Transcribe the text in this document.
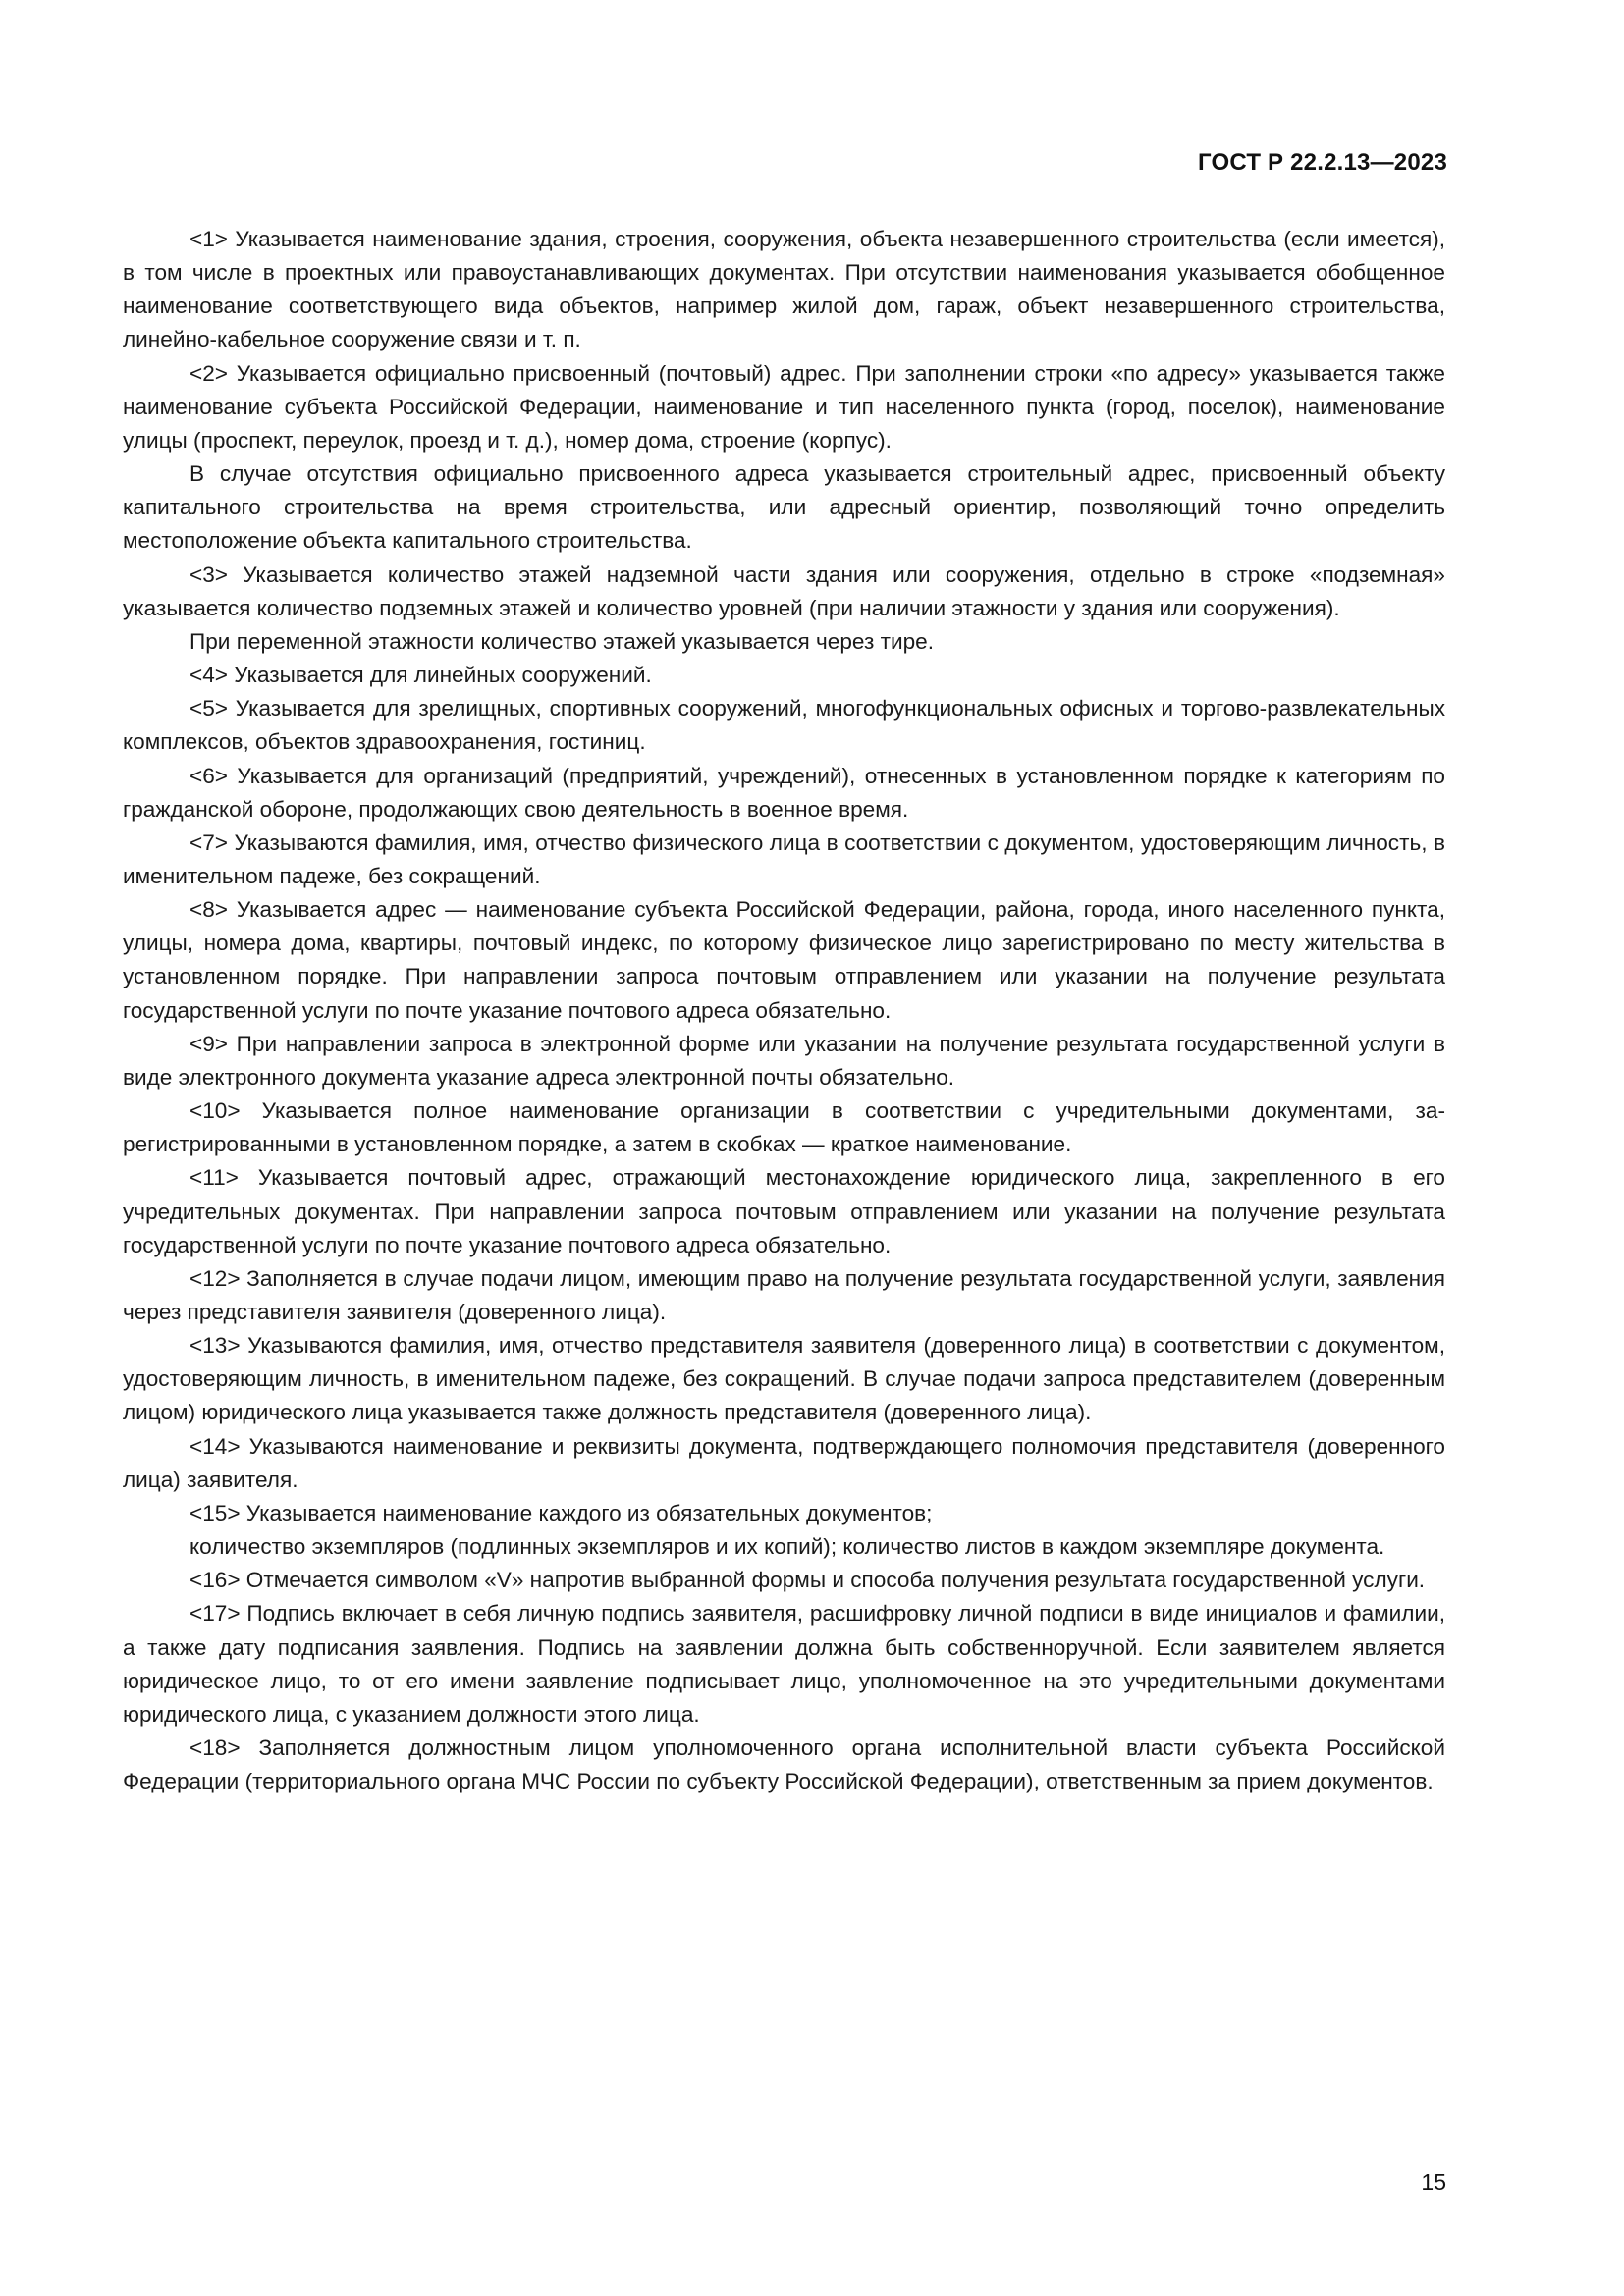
ГОСТ Р 22.2.13—2023

<1> Указывается наименование здания, строения, сооружения, объекта незавершенного строительства (если имеется), в том числе в проектных или правоустанавливающих документах. При отсутствии наименования указывается обобщенное наименование соответствующего вида объектов, например жилой дом, гараж, объект незавершенного строительства, линейно-кабельное сооружение связи и т. п.

<2> Указывается официально присвоенный (почтовый) адрес. При заполнении строки «по адресу» указывается также наименование субъекта Российской Федерации, наименование и тип населенного пункта (город, поселок), наименование улицы (проспект, переулок, проезд и т. д.), номер дома, строение (корпус).

В случае отсутствия официально присвоенного адреса указывается строительный адрес, присвоенный объекту капитального строительства на время строительства, или адресный ориентир, позволяющий точно определить местоположение объекта капитального строительства.

<3> Указывается количество этажей надземной части здания или сооружения, отдельно в строке «подземная» указывается количество подземных этажей и количество уровней (при наличии этажности у здания или сооружения).

При переменной этажности количество этажей указывается через тире.

<4> Указывается для линейных сооружений.

<5> Указывается для зрелищных, спортивных сооружений, многофункциональных офисных и торгово-развлекательных комплексов, объектов здравоохранения, гостиниц.

<6> Указывается для организаций (предприятий, учреждений), отнесенных в установленном порядке к категориям по гражданской обороне, продолжающих свою деятельность в военное время.

<7> Указываются фамилия, имя, отчество физического лица в соответствии с документом, удостоверяющим личность, в именительном падеже, без сокращений.

<8> Указывается адрес — наименование субъекта Российской Федерации, района, города, иного населенного пункта, улицы, номера дома, квартиры, почтовый индекс, по которому физическое лицо зарегистрировано по месту жительства в установленном порядке. При направлении запроса почтовым отправлением или указании на получение результата государственной услуги по почте указание почтового адреса обязательно.

<9> При направлении запроса в электронной форме или указании на получение результата государственной услуги в виде электронного документа указание адреса электронной почты обязательно.

<10> Указывается полное наименование организации в соответствии с учредительными документами, зарегистрированными в установленном порядке, а затем в скобках — краткое наименование.

<11> Указывается почтовый адрес, отражающий местонахождение юридического лица, закрепленного в его учредительных документах. При направлении запроса почтовым отправлением или указании на получение результата государственной услуги по почте указание почтового адреса обязательно.

<12> Заполняется в случае подачи лицом, имеющим право на получение результата государственной услуги, заявления через представителя заявителя (доверенного лица).

<13> Указываются фамилия, имя, отчество представителя заявителя (доверенного лица) в соответствии с документом, удостоверяющим личность, в именительном падеже, без сокращений. В случае подачи запроса представителем (доверенным лицом) юридического лица указывается также должность представителя (доверенного лица).

<14> Указываются наименование и реквизиты документа, подтверждающего полномочия представителя (доверенного лица) заявителя.

<15> Указывается наименование каждого из обязательных документов;

количество экземпляров (подлинных экземпляров и их копий); количество листов в каждом экземпляре документа.

<16> Отмечается символом «V» напротив выбранной формы и способа получения результата государственной услуги.

<17> Подпись включает в себя личную подпись заявителя, расшифровку личной подписи в виде инициалов и фамилии, а также дату подписания заявления. Подпись на заявлении должна быть собственноручной. Если заявителем является юридическое лицо, то от его имени заявление подписывает лицо, уполномоченное на это учредительными документами юридического лица, с указанием должности этого лица.

<18> Заполняется должностным лицом уполномоченного органа исполнительной власти субъекта Российской Федерации (территориального органа МЧС России по субъекту Российской Федерации), ответственным за прием документов.

15
